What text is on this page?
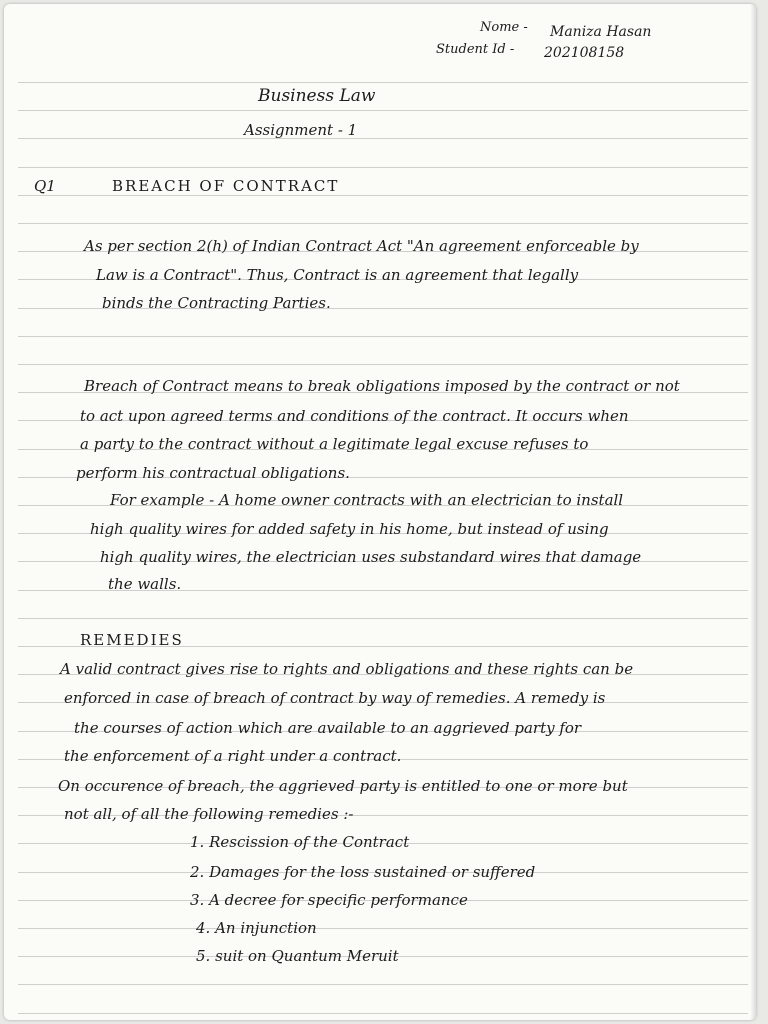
Nome - Maniza Hasan
Student Id - 202108158
Business Law
Assignment - 1
Q1	BREACH OF CONTRACT
As per section 2(h) of Indian Contract Act "An agreement enforceable by
Law is a Contract". Thus, Contract is an agreement that legally
binds the Contracting Parties.
Breach of Contract means to break obligations imposed by the contract or not
to act upon agreed terms and conditions of the contract. It occurs when
a party to the contract without a legitimate legal excuse refuses to
perform his contractual obligations.
For example - A home owner contracts with an electrician to install
high quality wires for added safety in his home, but instead of using
high quality wires, the electrician uses substandard wires that damage
the walls.
REMEDIES
A valid contract gives rise to rights and obligations and these rights can be
enforced in case of breach of contract by way of remedies. A remedy is
the courses of action which are available to an aggrieved party for
the enforcement of a right under a contract.
On occurence of breach, the aggrieved party is entitled to one or more but
not all, of all the following remedies :-
1. Rescission of the Contract
2. Damages for the loss sustained or suffered
3. A decree for specific performance
4. An injunction
5. suit on Quantum Meruit
